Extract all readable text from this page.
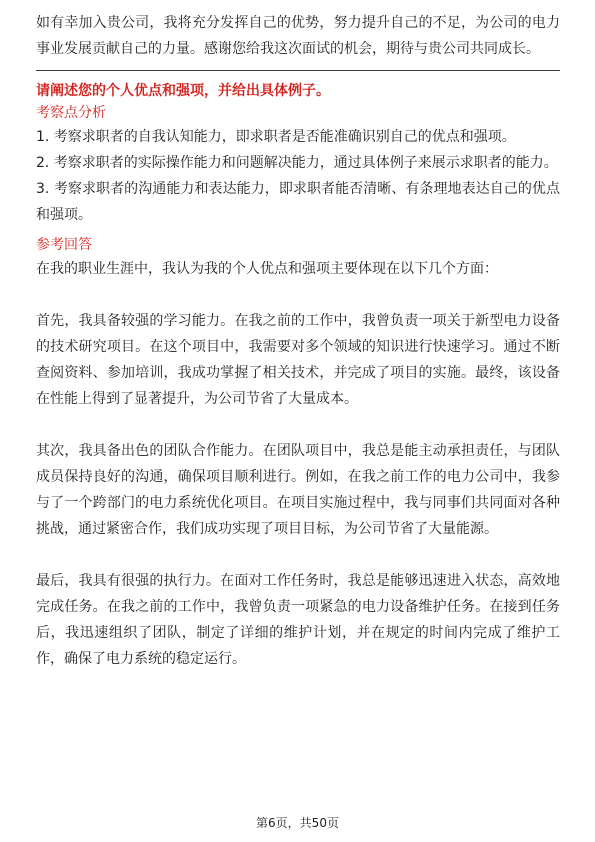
如有幸加入贵公司，我将充分发挥自己的优势，努力提升自己的不足，为公司的电力事业发展贡献自己的力量。感谢您给我这次面试的机会，期待与贵公司共同成长。

请阐述您的个人优点和强项，并给出具体例子。

考察点分析

1. 考察求职者的自我认知能力，即求职者是否能准确识别自己的优点和强项。
2. 考察求职者的实际操作能力和问题解决能力，通过具体例子来展示求职者的能力。
3. 考察求职者的沟通能力和表达能力，即求职者能否清晰、有条理地表达自己的优点和强项。

参考回答

在我的职业生涯中，我认为我的个人优点和强项主要体现在以下几个方面：

首先，我具备较强的学习能力。在我之前的工作中，我曾负责一项关于新型电力设备的技术研究项目。在这个项目中，我需要对多个领域的知识进行快速学习。通过不断查阅资料、参加培训，我成功掌握了相关技术，并完成了项目的实施。最终，该设备在性能上得到了显著提升，为公司节省了大量成本。

其次，我具备出色的团队合作能力。在团队项目中，我总是能主动承担责任，与团队成员保持良好的沟通，确保项目顺利进行。例如，在我之前工作的电力公司中，我参与了一个跨部门的电力系统优化项目。在项目实施过程中，我与同事们共同面对各种挑战，通过紧密合作，我们成功实现了项目目标，为公司节省了大量能源。

最后，我具有很强的执行力。在面对工作任务时，我总是能够迅速进入状态，高效地完成任务。在我之前的工作中，我曾负责一项紧急的电力设备维护任务。在接到任务后，我迅速组织了团队，制定了详细的维护计划，并在规定的时间内完成了维护工作，确保了电力系统的稳定运行。

第6页，共50页
